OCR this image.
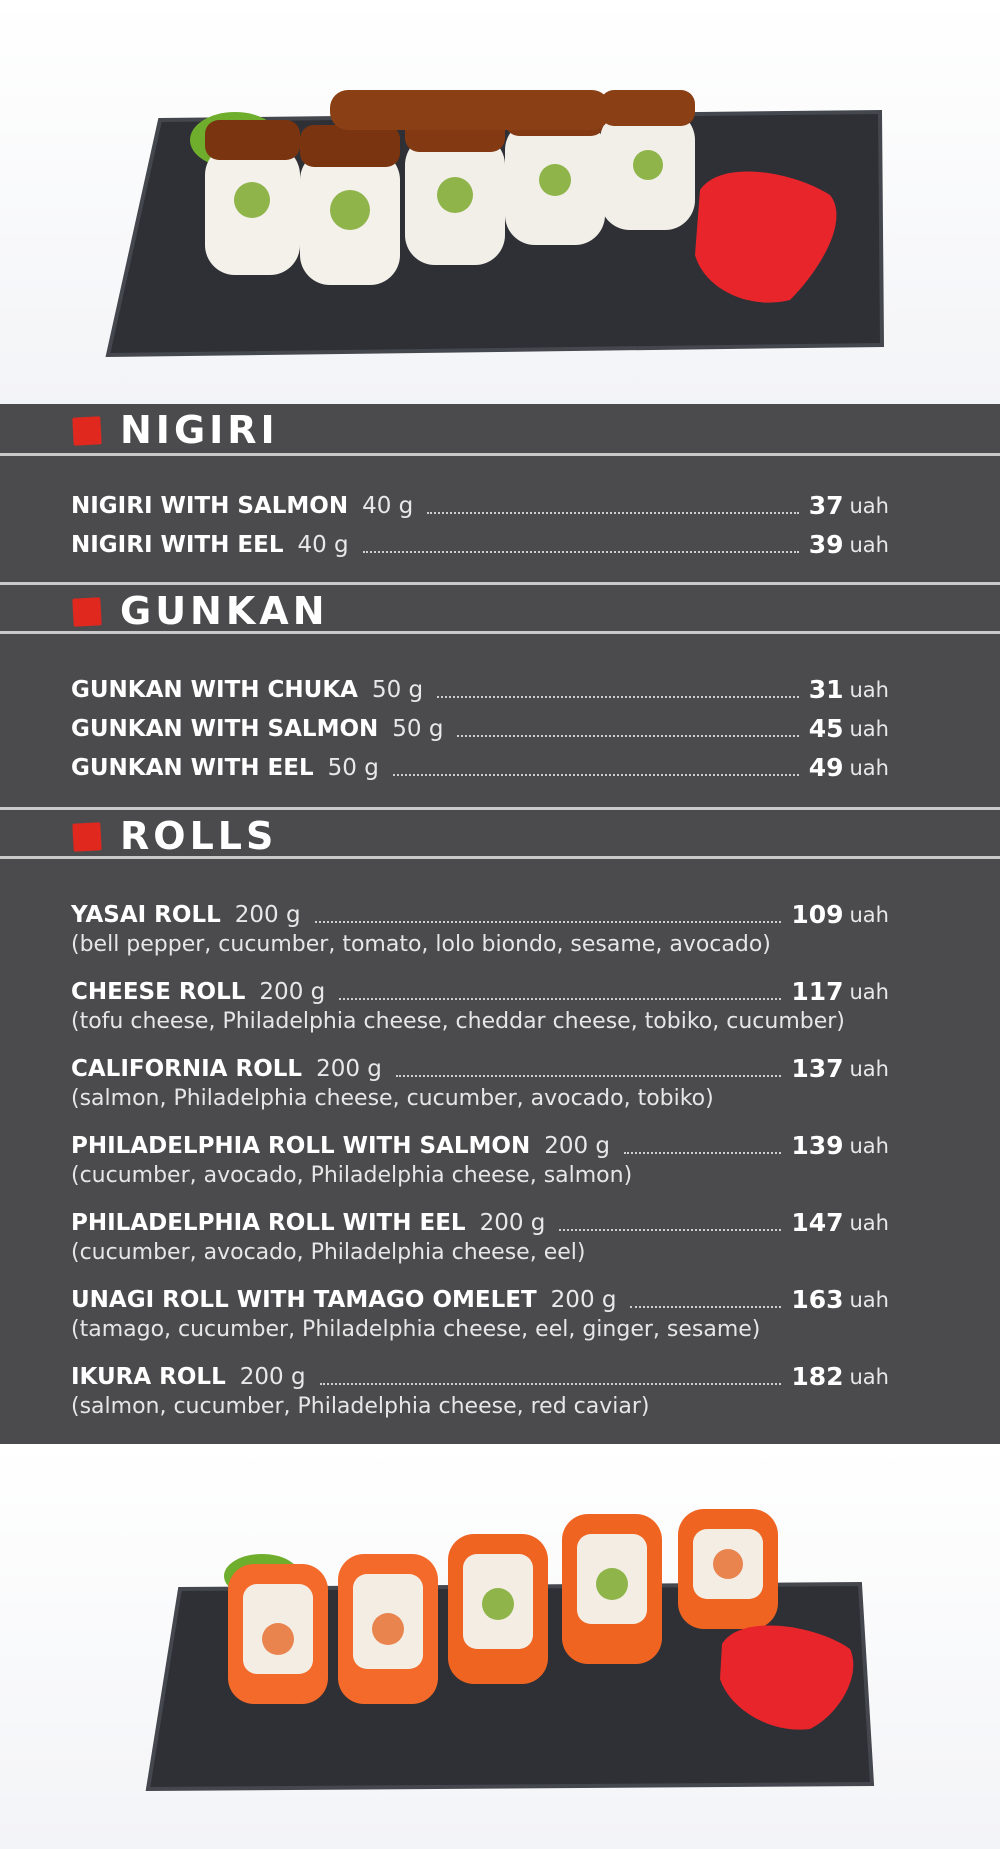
NIGIRI
NIGIRI WITH SALMON 40 g	37 uah
NIGIRI WITH EEL 40 g	39 uah
GUNKAN
GUNKAN WITH CHUKA 50 g	31 uah
GUNKAN WITH SALMON 50 g	45 uah
GUNKAN WITH EEL 50 g	49 uah
ROLLS
YASAI ROLL 200 g	109 uah
(bell pepper, cucumber, tomato, lolo biondo, sesame, avocado)
CHEESE ROLL 200 g	117 uah
(tofu cheese, Philadelphia cheese, cheddar cheese, tobiko, cucumber)
CALIFORNIA ROLL 200 g	137 uah
(salmon, Philadelphia cheese, cucumber, avocado, tobiko)
PHILADELPHIA ROLL WITH SALMON 200 g	139 uah
(cucumber, avocado, Philadelphia cheese, salmon)
PHILADELPHIA ROLL WITH EEL 200 g	147 uah
(cucumber, avocado, Philadelphia cheese, eel)
UNAGI ROLL WITH TAMAGO OMELET 200 g	163 uah
(tamago, cucumber, Philadelphia cheese, eel, ginger, sesame)
IKURA ROLL 200 g	182 uah
(salmon, cucumber, Philadelphia cheese, red caviar)
